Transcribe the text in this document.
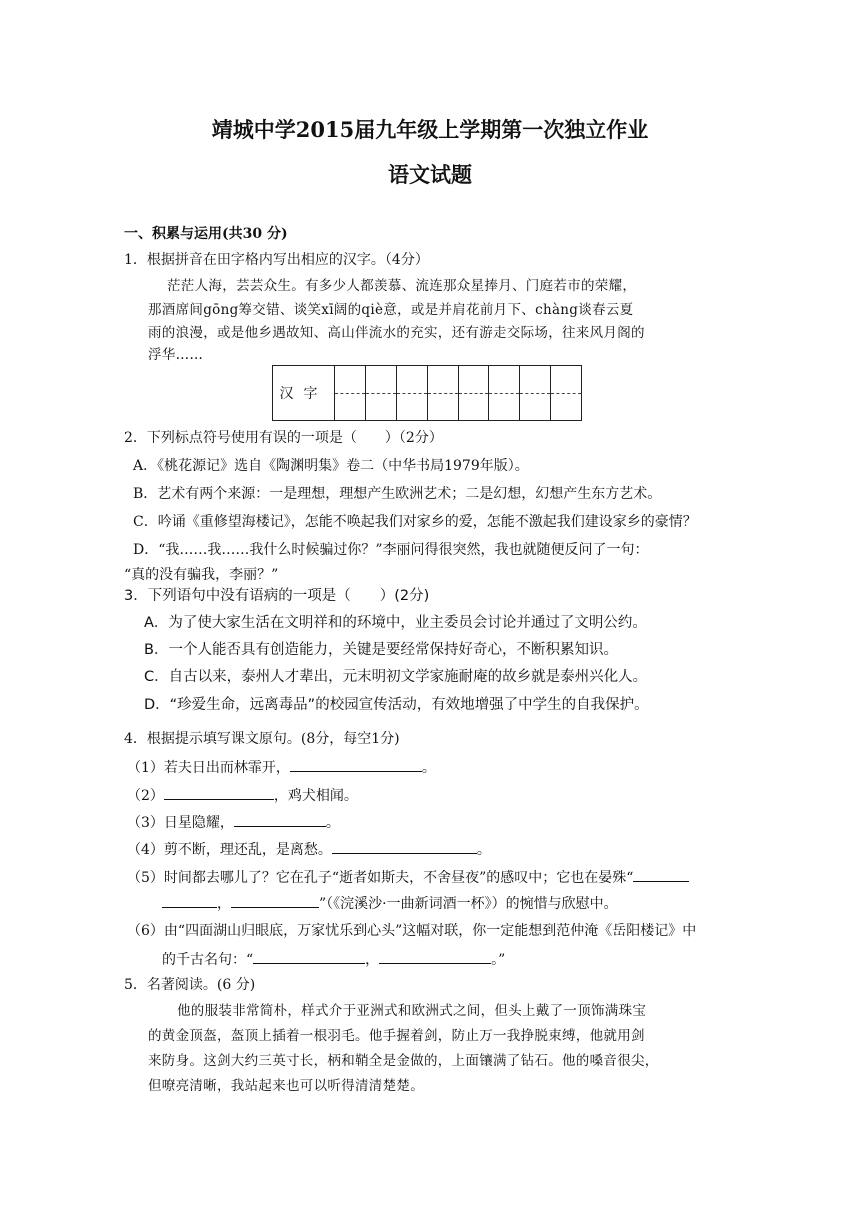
靖城中学2015届九年级上学期第一次独立作业
语文试题
一、积累与运用(共30 分)
1．根据拼音在田字格内写出相应的汉字。（4分）
茫茫人海，芸芸众生。有多少人都羡慕、流连那众星捧月、门庭若市的荣耀，
那酒席间gōng筹交错、谈笑xī阔的qiè意，或是并肩花前月下、chàng谈春云夏
雨的浪漫，或是他乡遇故知、高山伴流水的充实，还有游走交际场，往来风月阁的
浮华……
汉字
2．下列标点符号使用有误的一项是（　　）（2分）
A．《桃花源记》选自《陶渊明集》卷二（中华书局1979年版）。
B．艺术有两个来源：一是理想，理想产生欧洲艺术；二是幻想，幻想产生东方艺术。
C．吟诵《重修望海楼记》，怎能不唤起我们对家乡的爱，怎能不激起我们建设家乡的豪情？
D．“我……我……我什么时候骗过你？”李丽问得很突然，我也就随便反问了一句：
“真的没有骗我，李丽？”
3．下列语句中没有语病的一项是（　　）(2分)
A．为了使大家生活在文明祥和的环境中，业主委员会讨论并通过了文明公约。
B．一个人能否具有创造能力，关键是要经常保持好奇心，不断积累知识。
C．自古以来，泰州人才辈出，元末明初文学家施耐庵的故乡就是泰州兴化人。
D．“珍爱生命，远离毒品”的校园宣传活动，有效地增强了中学生的自我保护。
4．根据提示填写课文原句。(8分，每空1分)
（1）若夫日出而林霏开，	。
（2）	，鸡犬相闻。
（3）日星隐耀，	。
（4）剪不断，理还乱，是离愁。	。
（5）时间都去哪儿了？它在孔子“逝者如斯夫，不舍昼夜”的感叹中；它也在晏殊“
，	”（《浣溪沙·一曲新词酒一杯》）的惋惜与欣慰中。
（6）由“四面湖山归眼底，万家忧乐到心头”这幅对联，你一定能想到范仲淹《岳阳楼记》中
的千古名句：“	，	。”
5．名著阅读。(6 分)
他的服装非常简朴，样式介于亚洲式和欧洲式之间，但头上戴了一顶饰满珠宝
的黄金顶盔，盔顶上插着一根羽毛。他手握着剑，防止万一我挣脱束缚，他就用剑
来防身。这剑大约三英寸长，柄和鞘全是金做的，上面镶满了钻石。他的嗓音很尖，
但嘹亮清晰，我站起来也可以听得清清楚楚。
